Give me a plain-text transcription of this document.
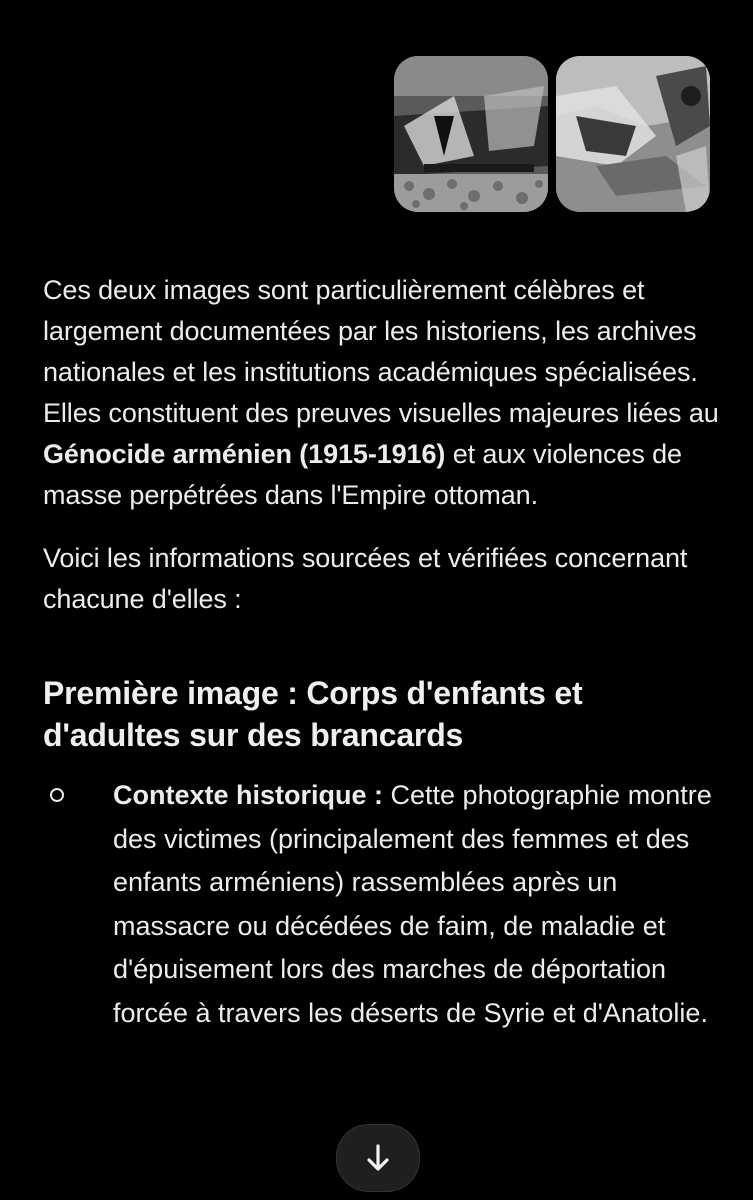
Ces deux images sont particulièrement célèbres et largement documentées par les historiens, les archives nationales et les institutions académiques spécialisées. Elles constituent des preuves visuelles majeures liées au Génocide arménien (1915-1916) et aux violences de masse perpétrées dans l'Empire ottoman.

Voici les informations sourcées et vérifiées concernant chacune d'elles :

Première image : Corps d'enfants et d'adultes sur des brancards
Contexte historique : Cette photographie montre des victimes (principalement des femmes et des enfants arméniens) rassemblées après un massacre ou décédées de faim, de maladie et d'épuisement lors des marches de déportation forcée à travers les déserts de Syrie et d'Anatolie.
